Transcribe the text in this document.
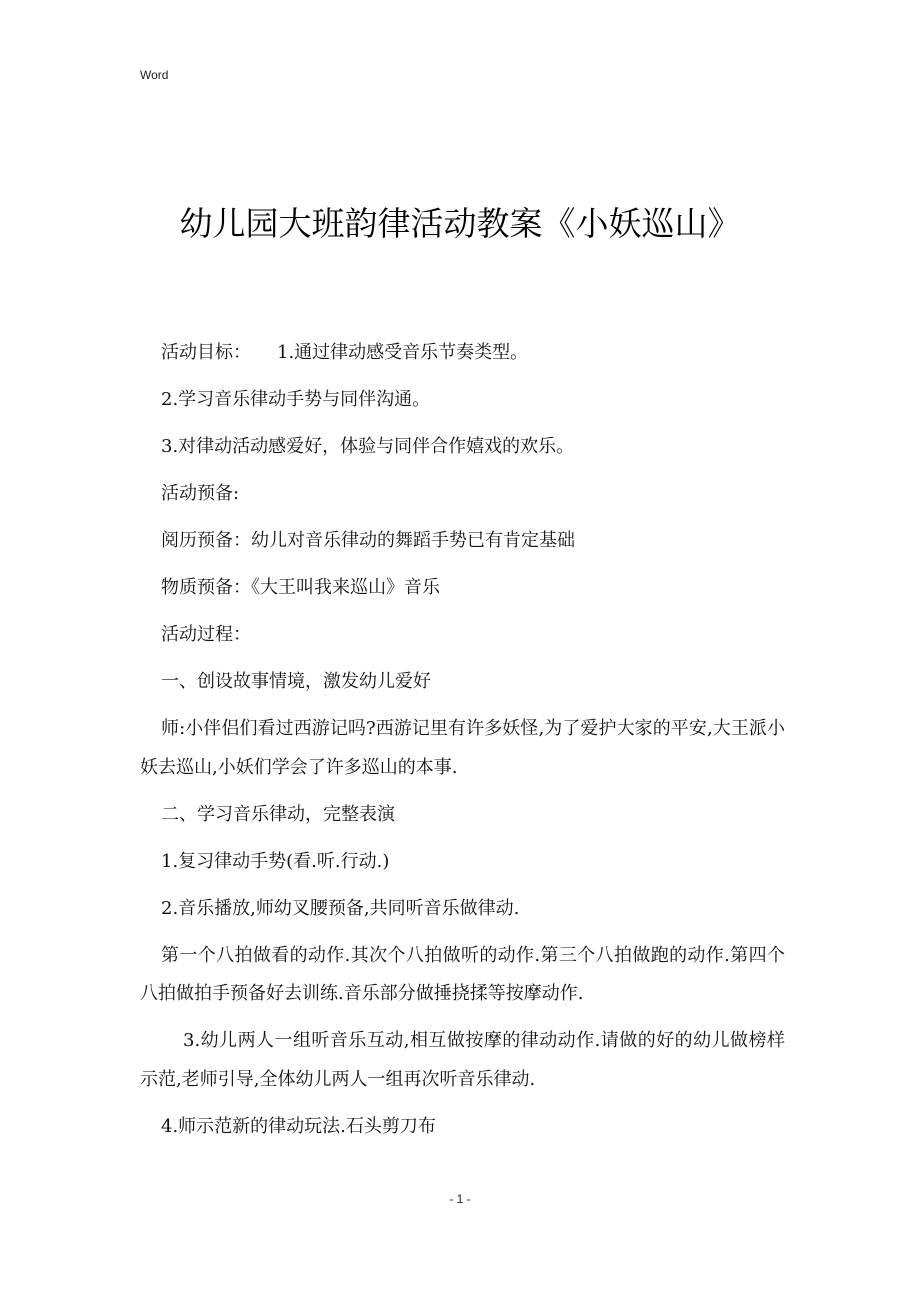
Word
幼儿园大班韵律活动教案《小妖巡山》

活动目标： 1.通过律动感受音乐节奏类型。

2.学习音乐律动手势与同伴沟通。

3.对律动活动感爱好，体验与同伴合作嬉戏的欢乐。

活动预备:

阅历预备：幼儿对音乐律动的舞蹈手势已有肯定基础

物质预备：《大王叫我来巡山》音乐

活动过程：

一、创设故事情境，激发幼儿爱好

师:小伴侣们看过西游记吗?西游记里有许多妖怪,为了爱护大家的平安,大王派小妖去巡山,小妖们学会了许多巡山的本事.

二、学习音乐律动，完整表演

1.复习律动手势(看.听.行动.)

2.音乐播放,师幼叉腰预备,共同听音乐做律动.

第一个八拍做看的动作.其次个八拍做听的动作.第三个八拍做跑的动作.第四个八拍做拍手预备好去训练.音乐部分做捶挠揉等按摩动作.

3.幼儿两人一组听音乐互动,相互做按摩的律动动作.请做的好的幼儿做榜样示范,老师引导,全体幼儿两人一组再次听音乐律动.

4.师示范新的律动玩法.石头剪刀布

- 1 -
